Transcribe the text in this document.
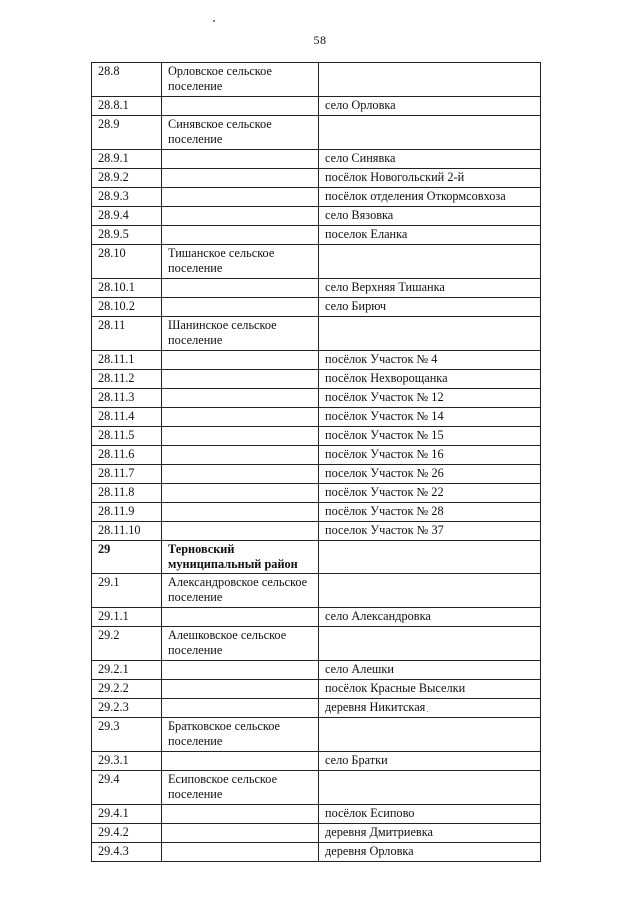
58
28.8	Орловское сельское поселение	
28.8.1		село Орловка
28.9	Синявское сельское поселение	
28.9.1		село Синявка
28.9.2		посёлок Новогольский 2-й
28.9.3		посёлок отделения Откормсовхоза
28.9.4		село Вязовка
28.9.5		поселок Еланка
28.10	Тишанское сельское поселение	
28.10.1		село Верхняя Тишанка
28.10.2		село Бирюч
28.11	Шанинское сельское поселение	
28.11.1		посёлок Участок № 4
28.11.2		посёлок Нехворощанка
28.11.3		посёлок Участок № 12
28.11.4		посёлок Участок № 14
28.11.5		посёлок Участок № 15
28.11.6		посёлок Участок № 16
28.11.7		поселок Участок № 26
28.11.8		посёлок Участок № 22
28.11.9		посёлок Участок № 28
28.11.10		поселок Участок № 37
29	Терновский муниципальный район	
29.1	Александровское сельское поселение	
29.1.1		село Александровка
29.2	Алешковское сельское поселение	
29.2.1		село Алешки
29.2.2		посёлок Красные Выселки
29.2.3		деревня Никитская
29.3	Братковское сельское поселение	
29.3.1		село Братки
29.4	Есиповское сельское поселение	
29.4.1		посёлок Есипово
29.4.2		деревня Дмитриевка
29.4.3		деревня Орловка
